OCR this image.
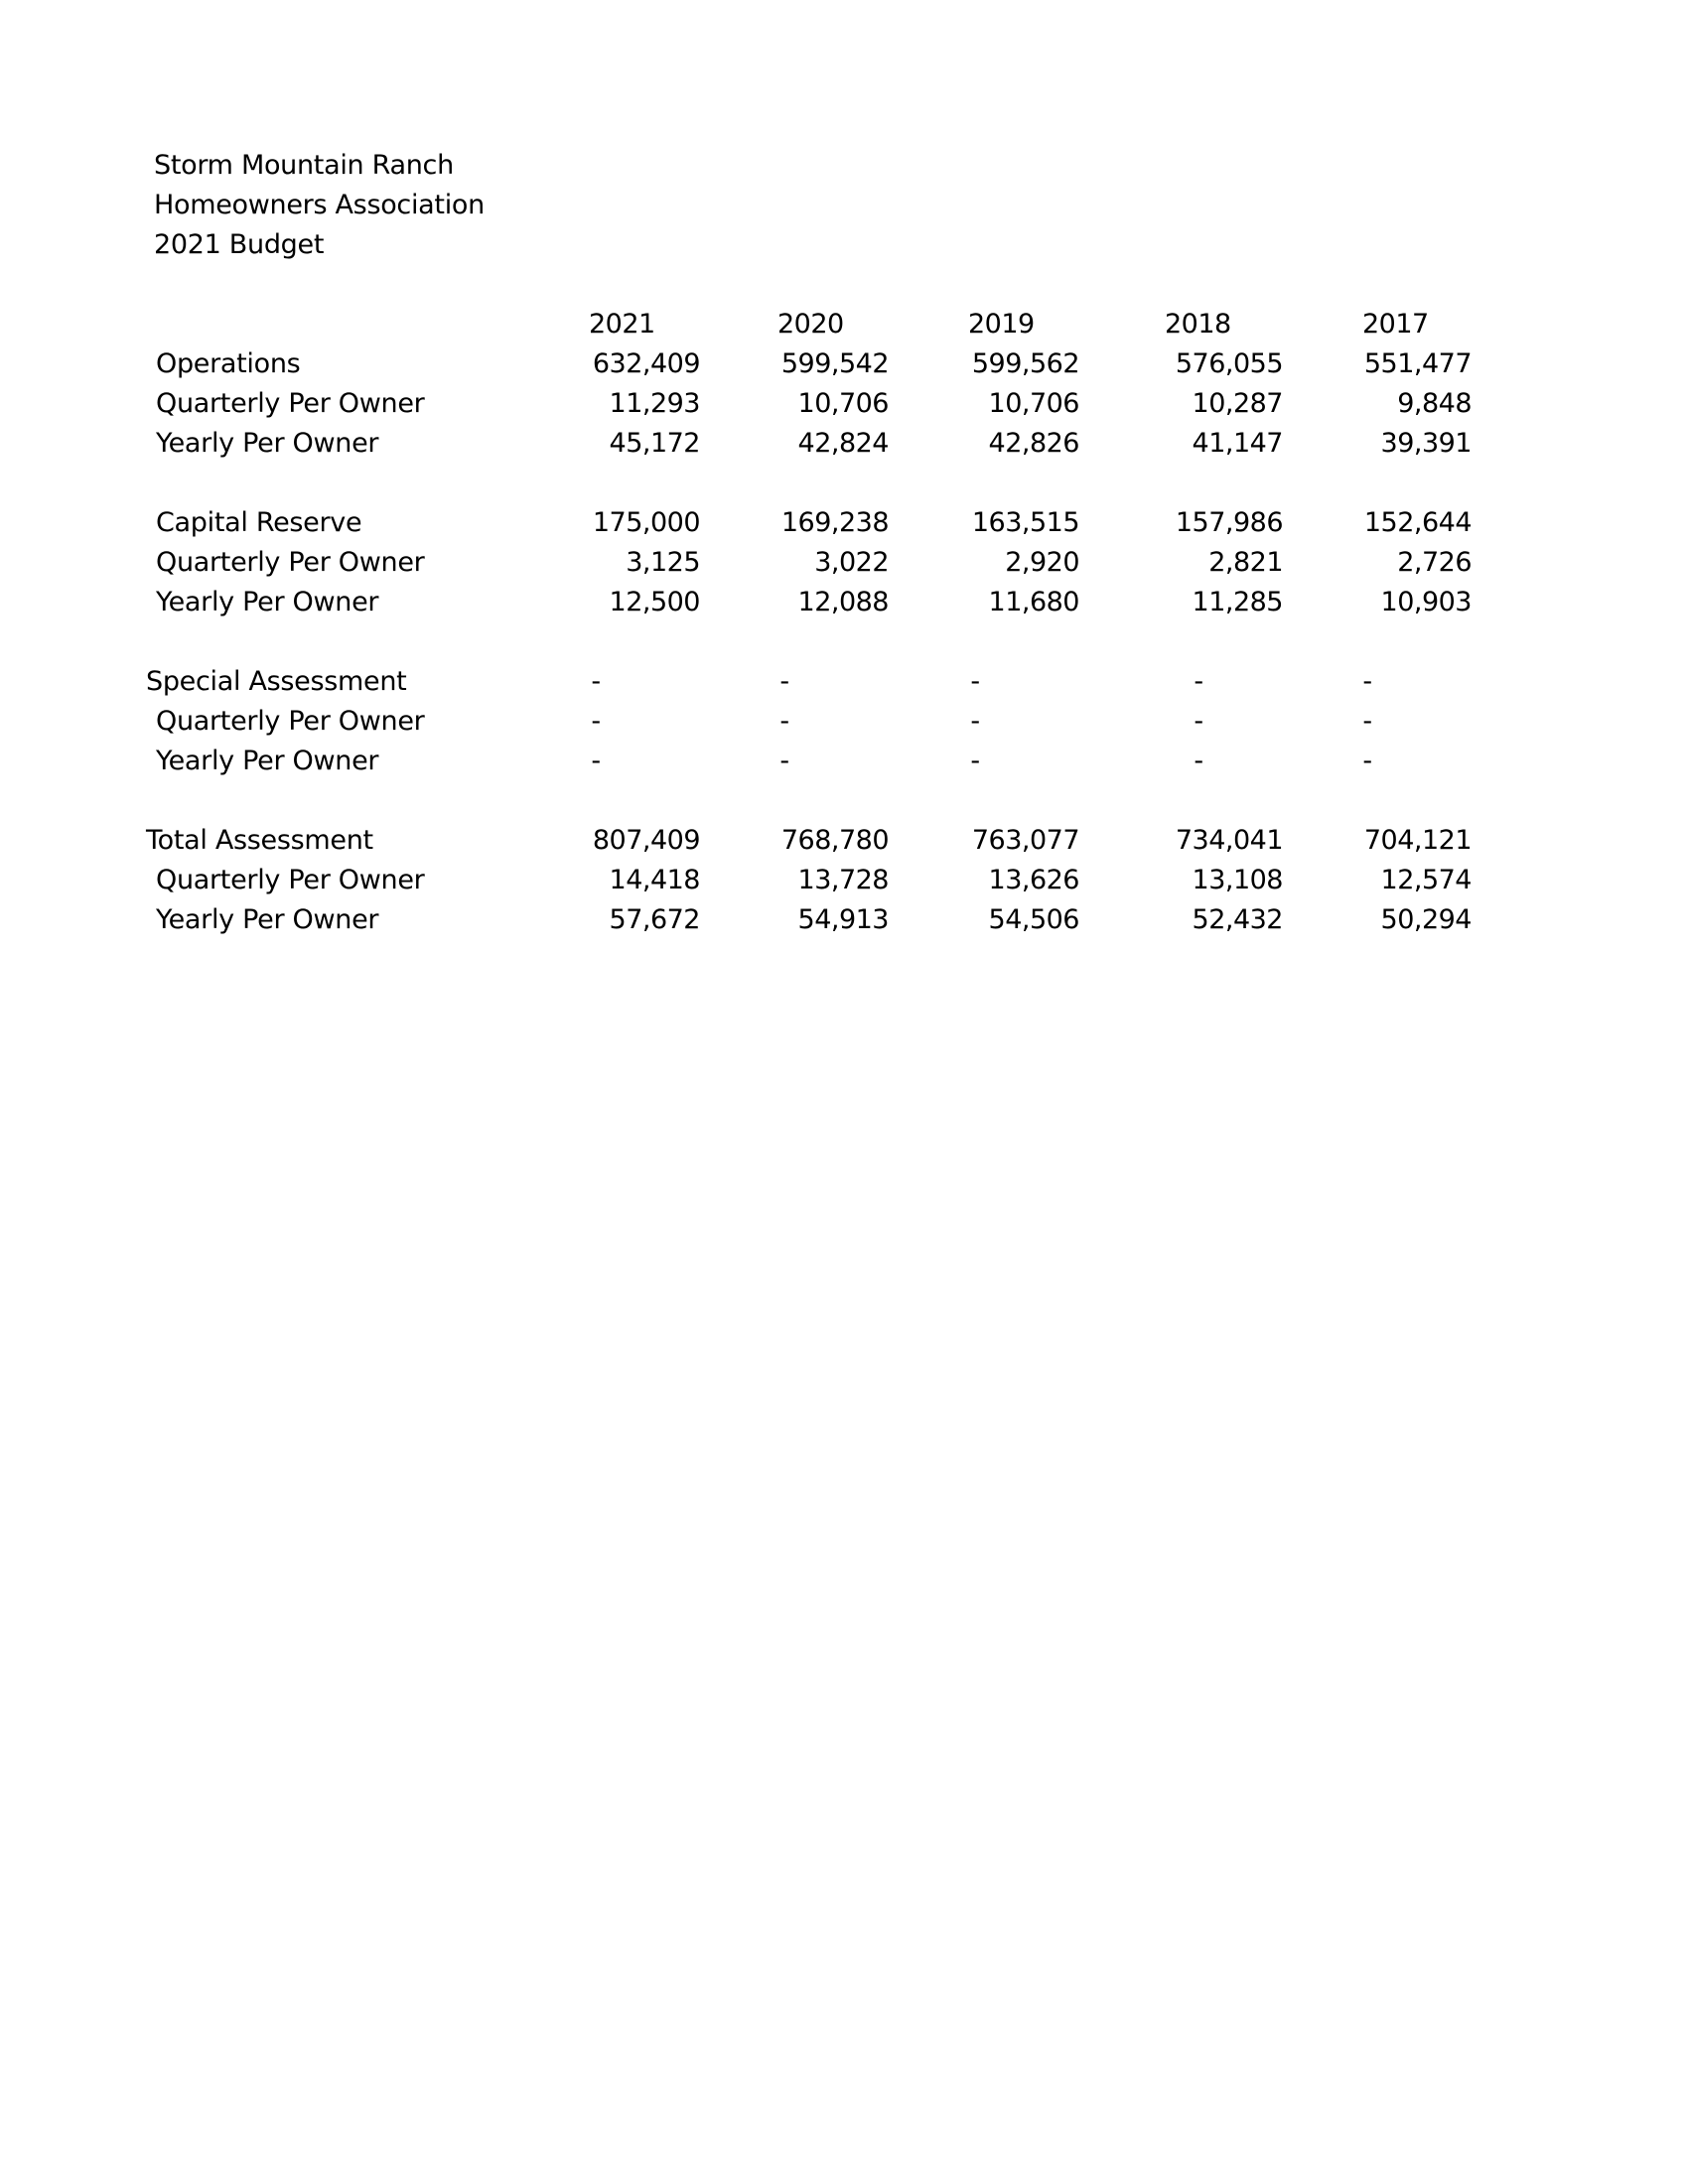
Storm Mountain Ranch
Homeowners Association
2021 Budget
2021	2020	2019	2018	2017
Operations	632,409	599,542	599,562	576,055	551,477
Quarterly Per Owner	11,293	10,706	10,706	10,287	9,848
Yearly Per Owner	45,172	42,824	42,826	41,147	39,391
Capital Reserve	175,000	169,238	163,515	157,986	152,644
Quarterly Per Owner	3,125	3,022	2,920	2,821	2,726
Yearly Per Owner	12,500	12,088	11,680	11,285	10,903
Special Assessment	-	-	-	-	-
Quarterly Per Owner	-	-	-	-	-
Yearly Per Owner	-	-	-	-	-
Total Assessment	807,409	768,780	763,077	734,041	704,121
Quarterly Per Owner	14,418	13,728	13,626	13,108	12,574
Yearly Per Owner	57,672	54,913	54,506	52,432	50,294
